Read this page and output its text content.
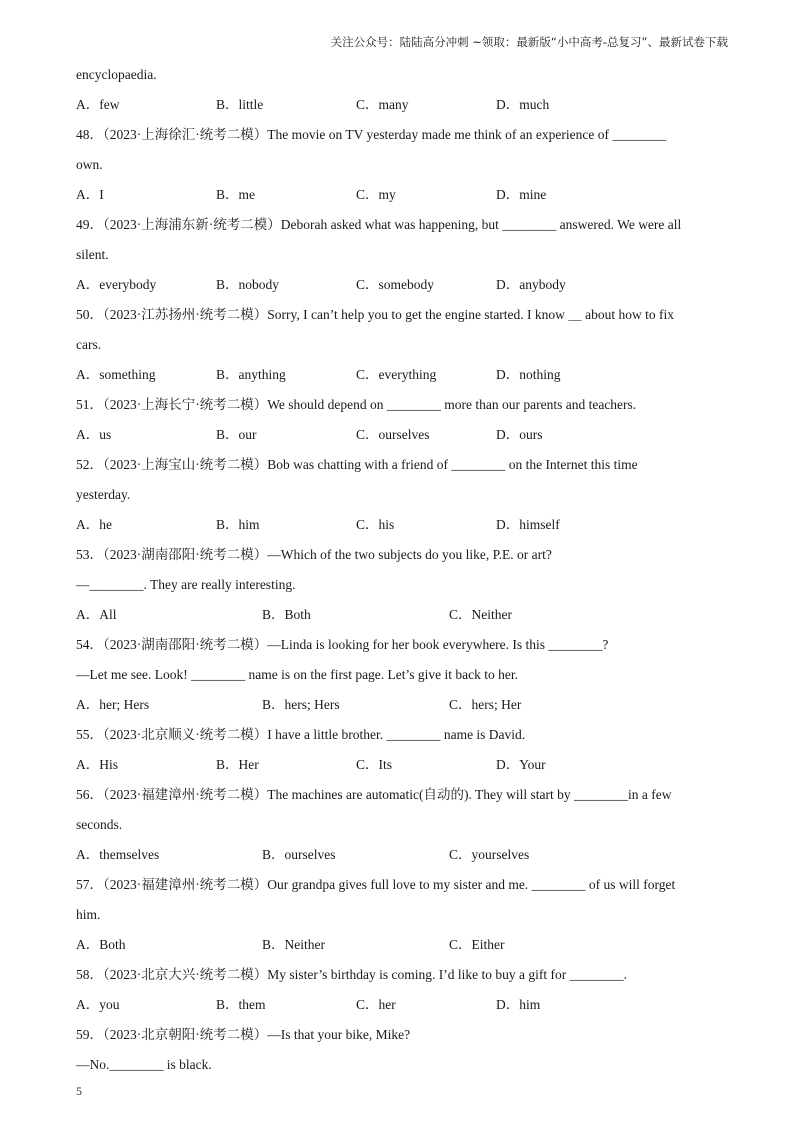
关注公众号：陆陆高分冲刺 ~领取：最新版“小中高考-总复习”、最新试卷下载
encyclopaedia.
A．few	B．little	C．many	D．much
48．（2023·上海徐汇·统考二模）The movie on TV yesterday made me think of an experience of ________
own.
A．I	B．me	C．my	D．mine
49．（2023·上海浦东新·统考二模）Deborah asked what was happening, but ________ answered. We were all
silent.
A．everybody	B．nobody	C．somebody	D．anybody
50．（2023·江苏扬州·统考二模）Sorry, I can’t help you to get the engine started. I know ＿ about how to fix
cars.
A．something	B．anything	C．everything	D．nothing
51．（2023·上海长宁·统考二模）We should depend on ________ more than our parents and teachers.
A．us	B．our	C．ourselves	D．ours
52．（2023·上海宝山·统考二模）Bob was chatting with a friend of ________ on the Internet this time
yesterday.
A．he	B．him	C．his	D．himself
53．（2023·湖南邵阳·统考二模）—Which of the two subjects do you like, P.E. or art?
—________. They are really interesting.
A．All	B．Both	C．Neither
54．（2023·湖南邵阳·统考二模）—Linda is looking for her book everywhere. Is this ________?
—Let me see. Look! ________ name is on the first page. Let’s give it back to her.
A．her; Hers	B．hers; Hers	C．hers; Her
55．（2023·北京顺义·统考二模）I have a little brother. ________ name is David.
A．His	B．Her	C．Its	D．Your
56．（2023·福建漳州·统考二模）The machines are automatic(自动的). They will start by ________in a few
seconds.
A．themselves	B．ourselves	C．yourselves
57．（2023·福建漳州·统考二模）Our grandpa gives full love to my sister and me. ________ of us will forget
him.
A．Both	B．Neither	C．Either
58．（2023·北京大兴·统考二模）My sister’s birthday is coming. I’d like to buy a gift for ________.
A．you	B．them	C．her	D．him
59．（2023·北京朝阳·统考二模）—Is that your bike, Mike?
—No.________ is black.
5
